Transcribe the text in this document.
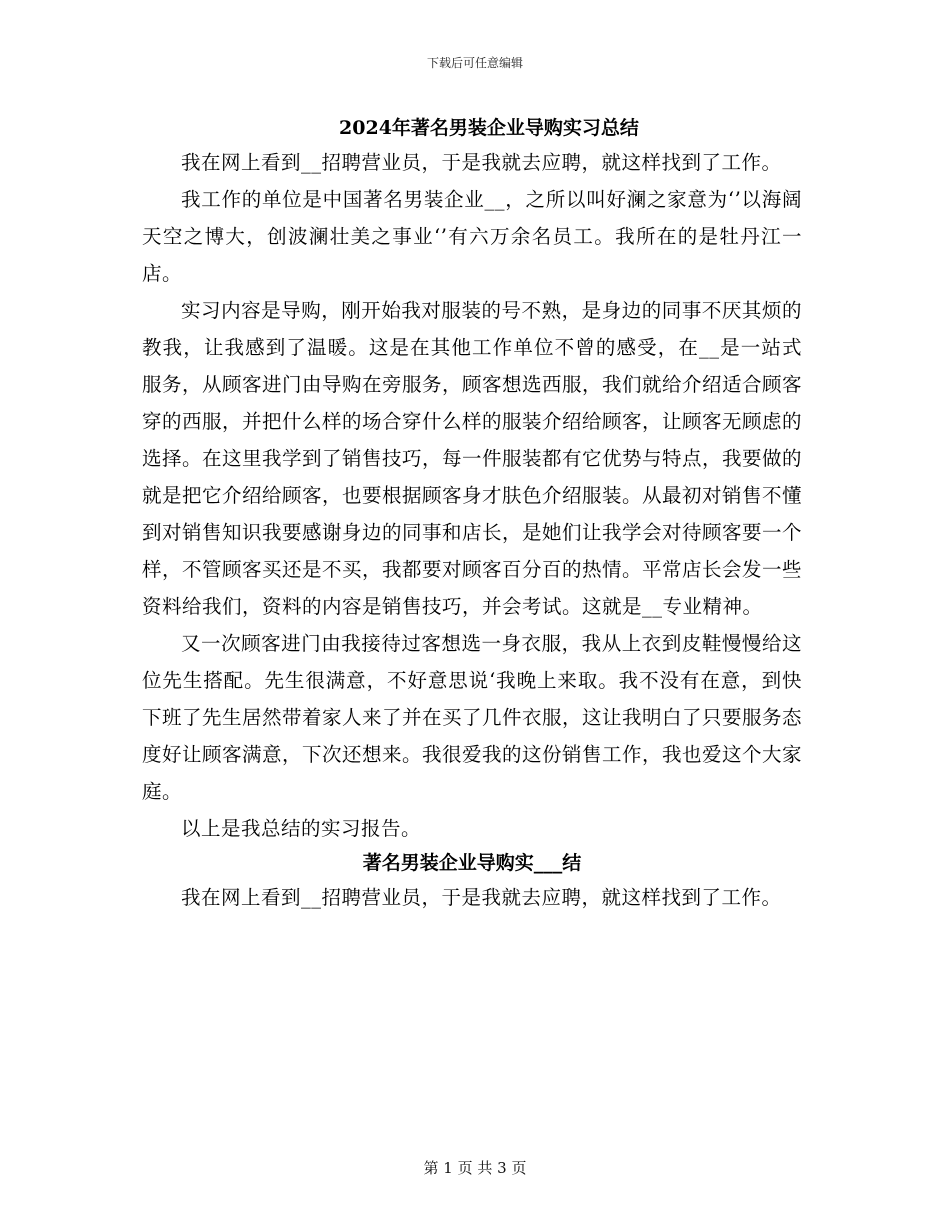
下载后可任意编辑
2024年著名男装企业导购实习总结

我在网上看到__招聘营业员，于是我就去应聘，就这样找到了工作。

我工作的单位是中国著名男装企业__，之所以叫好澜之家意为‘’以海阔天空之博大，创波澜壮美之事业‘’有六万余名员工。我所在的是牡丹江一店。

实习内容是导购，刚开始我对服装的号不熟，是身边的同事不厌其烦的教我，让我感到了温暖。这是在其他工作单位不曾的感受，在__是一站式服务，从顾客进门由导购在旁服务，顾客想选西服，我们就给介绍适合顾客穿的西服，并把什么样的场合穿什么样的服装介绍给顾客，让顾客无顾虑的选择。在这里我学到了销售技巧，每一件服装都有它优势与特点，我要做的就是把它介绍给顾客，也要根据顾客身才肤色介绍服装。从最初对销售不懂到对销售知识我要感谢身边的同事和店长，是她们让我学会对待顾客要一个样，不管顾客买还是不买，我都要对顾客百分百的热情。平常店长会发一些资料给我们，资料的内容是销售技巧，并会考试。这就是__专业精神。

又一次顾客进门由我接待过客想选一身衣服，我从上衣到皮鞋慢慢给这位先生搭配。先生很满意，不好意思说‘我晚上来取。我不没有在意，到快下班了先生居然带着家人来了并在买了几件衣服，这让我明白了只要服务态度好让顾客满意，下次还想来。我很爱我的这份销售工作，我也爱这个大家庭。

以上是我总结的实习报告。

著名男装企业导购实___结

我在网上看到__招聘营业员，于是我就去应聘，就这样找到了工作。

第 1 页 共 3 页
